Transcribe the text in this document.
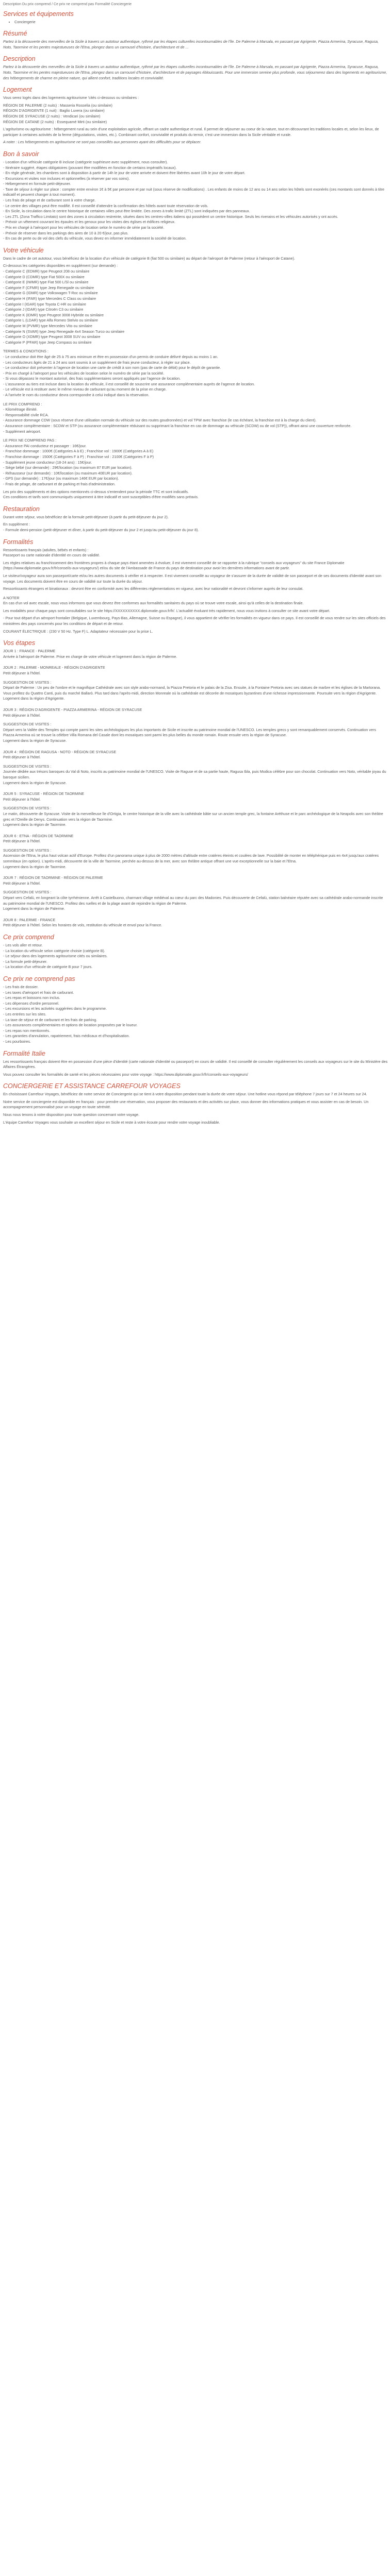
Description Du prix comprend / Ce prix ne comprend pas Formalité Conciergerie
Services et équipements
• Conciergerie
Résumé

Partez à la découverte des merveilles de la Sicile à travers un autotour authentique, rythmé par les étapes culturelles incontournables de l'île. De Palerme à Marsala, en passant par Agrigente, Piazza Armerina, Syracuse, Ragusa, Noto, Taormine et les pentes majestueuses de l'Etna, plongez dans un carrousel d'histoire, d'architecture et de ...

Description

Partez à la découverte des merveilles de la Sicile à travers un autotour authentique, rythmé par les étapes culturelles incontournables de l'île. De Palerme à Marsala, en passant par Agrigente, Piazza Armerina, Syracuse, Ragusa, Noto, Taormine et les pentes majestueuses de l'Etna, plongez dans un carrousel d'histoire, d'architecture et de paysages éblouissants. Pour une immersion sereine plus profonde, vous séjournerez dans des logements en agritourisme, des hébergements de charme en pleine nature, qui allient confort, traditions locales et convivialité.

Logement

Vous serez logés dans des logements agritourisme 'cités ci-dessous ou similaires :

RÉGION DE PALERME (2 nuits) : Masseria Rosselia (ou similaire)
RÉGION D'AGRIGENTE (1 nuit) : Baglio Luvera (ou similaire)
RÉGION DE SYRACUSE (2 nuits) : Vendicari (ou similaire)
RÉGION DE CATANE (2 nuits) : Essequamé Mirti (ou similaire)

L'agriturismo ou agritourisme : hébergement rural au sein d'une exploitation agricole, offrant un cadre authentique et rural. Il permet de séjourner au coeur de la nature, tout en découvrant les traditions locales et, selon les lieux, de participer à certaines activités de la ferme (dégustations, visites, etc.). Combinant confort, convivialité et produits du terroir, c'est une immersion dans la Sicile véritable et rurale.

A noter : Les hébergements en agritourisme ne sont pas conseillés aux personnes ayant des difficultés pour se déplacer.

Bon à savoir
- Location d'un véhicule catégorie B incluse (catégorie supérieure avec supplément, nous consulter).
- Itinéraire suggéré, étapes obligatoires (pouvant être modifiées en fonction de certains impératifs locaux).
- En règle générale, les chambres sont à disposition à partir de 14h le jour de votre arrivée et doivent être libérées avant 10h le jour de votre départ.
- Excursions et visites non incluses et optionnelles (à réserver par vos soins).
- Hébergement en formule petit-déjeuner.
- Taxe de séjour à régler sur place : compter entre environ 1€ à 5€ par personne et par nuit (sous réserve de modifications) . Les enfants de moins de 12 ans ou 14 ans selon les hôtels sont exonérés (ces montants sont donnés à titre indicatif et peuvent changer à tout moment).
- Les frais de péage et de carburant sont à votre charge.
- Le centre des villages peut être modifié. Il est conseillé d'attendre la confirmation des hôtels avant toute réservation de vols.
- En Sicile, la circulation dans le centre historique de certaines villes peut être limitée. Des zones à trafic limité (ZTL) sont indiquées par des panneaux.
- Les ZTL (Zona Traffico Limitato) sont des zones à circulation restreinte, situées dans les centres-villes italiens qui possèdent un centre historique. Seuls les riverains et les véhicules autorisés y ont accès.
- Prévoir un vêtement couvrant les épaules et les genoux pour les visites des églises et édifices religieux.
- Prix en chargé à l'aéroport pour les véhicules de location selon le numéro de série par la société.
- Prévoir de réserver dans les parkings des aires de 10 à 20 €/jour, pas plus.
- En cas de perte ou de vol des clefs du véhicule, vous devez en informer immédiatement la société de location.
Votre véhicule

Dans le cadre de cet autotour, vous bénéficiez de la location d'un véhicule de catégorie B (fiat 500 ou similaire) au départ de l'aéroport de Palerme (retour à l'aéroport de Catane).

Ci-dessous les catégories disponibles en supplément (sur demande) :
- Catégorie C (EDMR) type Peugeot 208 ou similaire
- Catégorie D (CDMR) type Fiat 500X ou similaire
- Catégorie E (IWMR) type Fiat 500 L/Sl ou similaire
- Catégorie F (CFMR) type Jeep Renegade ou similaire
- Catégorie G (IDMR) type Volkswagen T-Roc ou similaire
- Catégorie H (IFAR) type Mercedes C Class ou similaire
- Catégorie I (IGAR) type Toyota C-HR ou similaire
- Catégorie J (IDAR) type Citroën C3 ou similaire
- Catégorie K (IDMR) type Peugeot 3008 Hybride ou similaire
- Catégorie L (LDAR) type Alfa Romeo Stelvio ou similaire
- Catégorie M (PVMR) type Mercedes Vito ou similaire
- Catégorie N (SVAR) type Jeep Renegade 4x4 Season Turco ou similaire
- Catégorie O (XDMR) type Peugeot 3008 SUV ou similaire
- Catégorie P (PFAR) type Jeep Compass ou similaire
TERMES & CONDITIONS :
- Le conducteur doit être âgé de 25 à 75 ans minimum et être en possession d'un permis de conduire délivré depuis au moins 1 an.
- Les conducteurs âgés de 21 à 24 ans sont soumis à un supplément de frais jeune conducteur, à régler sur place.
- Le conducteur doit présenter à l'agence de location une carte de crédit à son nom (pas de carte de débit) pour le dépôt de garantie.
- Prix en chargé à l'aéroport pour les véhicules de location selon le numéro de série par la société.
- Si vous dépassez le montant autorisé, des frais supplémentaires seront appliqués par l'agence de location.
- L'assurance au tiers est incluse dans la location du véhicule, il est conseillé de souscrire une assurance complémentaire auprès de l'agence de location.
- Le véhicule est à restituer avec le même niveau de carburant qu'au moment de la prise en charge.
- A l'arrivée le nom du conducteur devra correspondre à celui indiqué dans la réservation.
LE PRIX COMPREND :
- Kilométrage illimité.
- Responsabilité civile RCA.
- Assurance dommage CDW (sous réserve d'une utilisation normale du véhicule sur des routes goudronnées) et vol TPW avec franchise (le cas échéant, la franchise est à la charge du client).
- Assurance complémentaire : SCDW et STP (ou assurance complémentaire réduisant ou supprimant la franchise en cas de dommage au véhicule (SCDW) ou de vol (STP)), offrant ainsi une couverture renforcée.
- Supplément aéroport.
LE PRIX NE COMPREND PAS :
- Assurance PAI conducteur et passager : 16€/jour.
- Franchise dommage : 1000€ (Catégories A à E) ; Franchise vol : 1900€ (Catégories A à E)
- Franchise dommage : 1500€ (Catégories F à P) ; Franchise vol : 2100€ (Catégories F à P)
- Supplément jeune conducteur (18-24 ans) : 15€/jour.
- Siège bébé (sur demande) : 29€/location (ou maximum 87 EUR par location).
- Réhausseur (sur demande) : 10€/location (ou maximum 40EUR par location).
- GPS (sur demande) : 17€/jour (ou maximum 146€ EUR par location).
- Frais de péage, de carburant et de parking et frais d'administration.
Les prix des suppléments et des options mentionnés ci-dessus s'entendent pour la période TTC et sont indicatifs.
Ces conditions et tarifs sont communiqués uniquement à titre indicatif et sont susceptibles d'être modifiés sans préavis.
Restauration

Durant votre séjour, vous bénéficiez de la formule petit-déjeuner (à partir du petit-déjeuner du jour 2).

En supplément :
- Formule demi-pension (petit-déjeuner et dîner, à partir du petit-déjeuner du jour 2 et jusqu'au petit-déjeuner du jour 8).
Formalités
Ressortissants français (adultes, bébés et enfants) :
Passeport ou carte nationale d'identité en cours de validité.

Les règles relatives au franchissement des frontières propres à chaque pays étant amenées à évoluer, il est vivement conseillé de se rapporter à la rubrique "conseils aux voyageurs" du site France Diplomatie (https://www.diplomatie.gouv.fr/fr/conseils-aux-voyageurs/) et/ou du site de l'Ambassade de France du pays de destination pour avoir les dernières informations avant de partir.

Le visiteur/voyageur aura son passeport/carte et/ou les autres documents à vérifier et à respecter. Il est vivement conseillé au voyageur de s'assurer de la durée de validité de son passeport et de ses documents d'identité avant son voyage. Les documents doivent être en cours de validité sur toute la durée du séjour.

Ressortissants étrangers et binationaux : devront être en conformité avec les différentes réglementations en vigueur, avec leur nationalité et devront s'informer auprès de leur consulat.

A NOTER

En cas d'un vol avec escale, nous vous informons que vous devrez être conformes aux formalités sanitaires du pays où se trouve votre escale, ainsi qu'à celles de la destination finale.

Les modalités pour chaque pays sont consultables sur le site https://XXXXXXXXXX.diplomatie.gouv.fr/fr/. L'actualité évoluant très rapidement, nous vous invitons à consulter ce site avant votre départ.

- Pour tout départ d'un aéroport frontalier (Belgique, Luxembourg, Pays-Bas, Allemagne, Suisse ou Espagne), il vous appartient de vérifier les formalités en vigueur dans ce pays. Il est conseillé de vous rendre sur les sites officiels des ministères des pays concernés pour les conditions de départ et de retour.

COURANT ÉLECTRIQUE : (230 V 50 Hz. Type F) L. Adaptateur nécessaire pour la prise L.

Vos étapes
JOUR 1 : FRANCE - PALERME
Arrivée à l'aéroport de Palerme. Prise en charge de votre véhicule et logement dans la région de Palerme.
JOUR 2 : PALERME - MONREALE - RÉGION D'AGRIGENTE
Petit déjeuner à l'hôtel.
SUGGESTION DE VISITES :
Départ de Palerme : Un peu de l'ombre et le magnifique Cathédrale avec son style arabo-normand, la Piazza Pretoria et le palais de la Zisa. Ensuite, à la Fontaine Pretoria avec ses statues de marbre et les églises de la Martorana. Vous profitez du Quattro Canti, puis du marché Ballarò. Plus tard dans l'après-midi, direction Monreale où la cathédrale est décorée de mosaïques byzantines d'une richesse impressionnante. Poursuite vers la région d'Agrigente.
Logement dans la région d'Agrigente.
JOUR 3 : RÉGION D'AGRIGENTE - PIAZZA ARMERINA - RÉGION DE SYRACUSE
Petit déjeuner à l'hôtel.
SUGGESTION DE VISITES :
Départ vers la Vallée des Temples qui compte parmi les sites archéologiques les plus importants de Sicile et inscrite au patrimoine mondial de l'UNESCO. Les temples grecs y sont remarquablement conservés. Continuation vers Piazza Armerina où se trouve la célèbre Villa Romana del Casale dont les mosaïques sont parmi les plus belles du monde romain. Route ensuite vers la région de Syracuse.
Logement dans la région de Syracuse.
JOUR 4 : RÉGION DE RAGUSA - NOTO - RÉGION DE SYRACUSE
Petit déjeuner à l'hôtel.
SUGGESTION DE VISITES :
Journée dédiée aux trésors baroques du Val di Noto, inscrits au patrimoine mondial de l'UNESCO. Visite de Raguse et de sa partie haute, Ragusa Ibla, puis Modica célèbre pour son chocolat. Continuation vers Noto, véritable joyau du baroque sicilien.
Logement dans la région de Syracuse.
JOUR 5 : SYRACUSE - RÉGION DE TAORMINE
Petit déjeuner à l'hôtel.
SUGGESTION DE VISITES :
Le matin, découverte de Syracuse. Visite de la merveilleuse île d'Ortigia, le centre historique de la ville avec la cathédrale bâtie sur un ancien temple grec, la fontaine Aréthuse et le parc archéologique de la Neapolis avec son théâtre grec et l'Oreille de Denys. Continuation vers la région de Taormine.
Logement dans la région de Taormine.
JOUR 6 : ETNA - RÉGION DE TAORMINE
Petit déjeuner à l'hôtel.
SUGGESTION DE VISITES :
Ascension de l'Etna, le plus haut volcan actif d'Europe. Profitez d'un panorama unique à plus de 2000 mètres d'altitude entre cratères éteints et coulées de lave. Possibilité de monter en téléphérique puis en 4x4 jusqu'aux cratères sommitaux (en option). L'après-midi, découverte de la ville de Taormine, perchée au-dessus de la mer, avec son théâtre antique offrant une vue exceptionnelle sur la baie et l'Etna.
Logement dans la région de Taormine.
JOUR 7 : RÉGION DE TAORMINE - RÉGION DE PALERME
Petit déjeuner à l'hôtel.
SUGGESTION DE VISITES :
Départ vers Cefalù, en longeant la côte tyrrhénienne. Arrêt à Castelbuono, charmant village médiéval au cœur du parc des Madonies. Puis découverte de Cefalù, station balnéaire réputée avec sa cathédrale arabo-normande inscrite au patrimoine mondial de l'UNESCO. Profitez des ruelles et de la plage avant de rejoindre la région de Palerme.
Logement dans la région de Palerme.
JOUR 8 : PALERME - FRANCE
Petit déjeuner à l'hôtel. Selon les horaires de vols, restitution du véhicule et envol pour la France.
Ce prix comprend
- Les vols aller et retour.
- La location du véhicule selon catégorie choisie (catégorie B).
- Le séjour dans des logements agritourisme cités ou similaires.
- La formule petit-déjeuner.
- La location d'un véhicule de catégorie B pour 7 jours.
Ce prix ne comprend pas
- Les frais de dossier.
- Les taxes d'aéroport et frais de carburant.
- Les repas et boissons non inclus.
- Les dépenses d'ordre personnel.
- Les excursions et les activités suggérées dans le programme.
- Les entrées sur les sites.
- La taxe de séjour et de carburant et les frais de parking.
- Les assurances complémentaires et options de location proposées par le loueur.
- Les repas non mentionnés.
- Les garanties d'annulation, rapatriement, frais médicaux et d'hospitalisation.
- Les pourboires.
Formalité Italie

Les ressortissants français doivent être en possession d'une pièce d'identité (carte nationale d'identité ou passeport) en cours de validité. Il est conseillé de consulter régulièrement les conseils aux voyageurs sur le site du Ministère des Affaires Étrangères.

Vous pouvez consulter les formalités de santé et les pièces nécessaires pour votre voyage : https://www.diplomatie.gouv.fr/fr/conseils-aux-voyageurs/

CONCIERGERIE ET ASSISTANCE CARREFOUR VOYAGES

En choisissant Carrefour Voyages, bénéficiez de notre service de Conciergerie qui se tient à votre disposition pendant toute la durée de votre séjour. Une hotline vous répond par téléphone 7 jours sur 7 et 24 heures sur 24.

Notre service de conciergerie est disponible en français : pour prendre une réservation, vous proposer des restaurants et des activités sur place, vous donner des informations pratiques et vous assister en cas de besoin. Un accompagnement personnalisé pour un voyage en toute sérénité.

Nous nous tenons à votre disposition pour toute question concernant votre voyage.

L'équipe Carrefour Voyages vous souhaite un excellent séjour en Sicile et reste à votre écoute pour rendre votre voyage inoubliable.
